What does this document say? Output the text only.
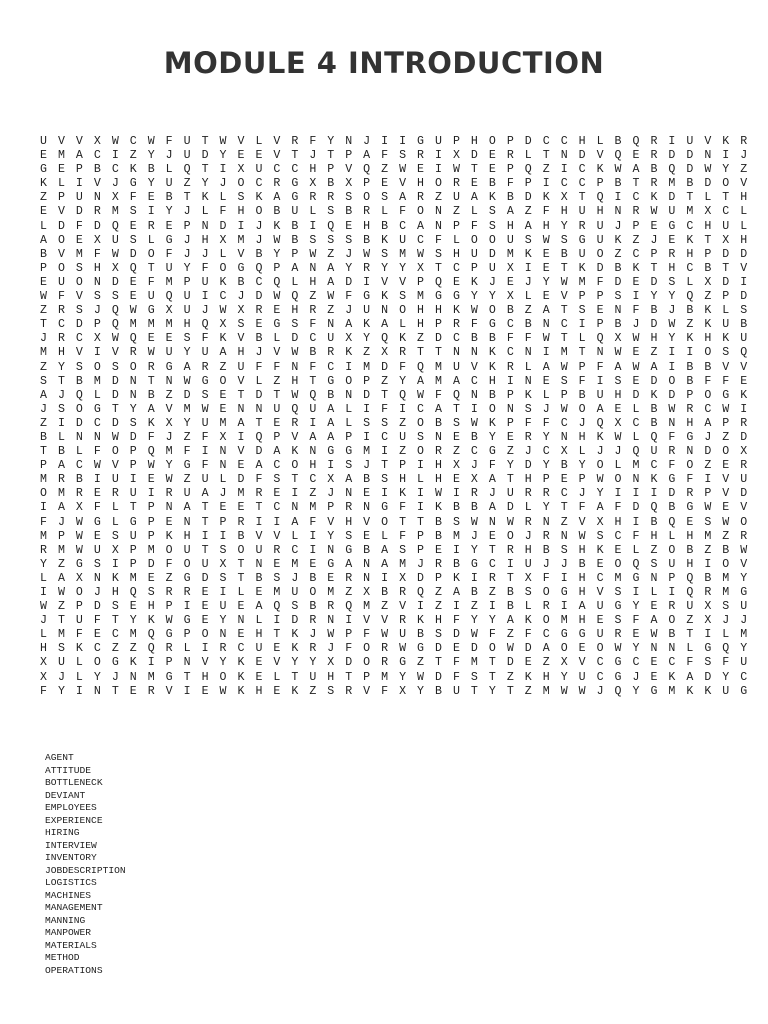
MODULE 4 INTRODUCTION
U V V X W C W F U T W V L V R F Y N J I I G U P H O P D C C H L B Q R I U V K R
E M A C I Z Y J U D Y E E V T J T P A F S R I X D E R L T N D V Q E R D D N I J
G E P B C K B L Q T I X U C C H P V Q Z W E I W T E P Q Z I C K W A B Q D W Y Z
K L I V J G Y U Z Y J O C R G X B X P E V H O R E B F P I C C P B T R M B D O V
Z P U N X F E B T K L S K A G R R S O S A R Z U A K B D K X T Q I C K D T L T H
E V D R M S I Y J L F H O B U L S B R L F O N Z L S A Z F H U H N R W U M X C L
L D F D Q E R E P N D I J K B I Q E H B C A N P F S H A H Y R U J P E G C H U L
A O E X U S L G J H X M J W B S S S B K U C F L O O U S W S G U K Z J E K T X H
B V M F W D O F J J L V B Y P W Z J W S M W S H U D M K E B U O Z C P R H P D D
P O S H X Q T U Y F O G Q P A N A Y R Y Y X T C P U X I E T K D B K T H C B T V
E U O N D E F M P U K B C Q L H A D I V V P Q E K J E J Y W M F D E D S L X D I
W F V S S E U Q U I C J D W Q Z W F G K S M G G Y Y X L E V P P S I Y Y Q Z P D
Z R S J Q W G X U J W X R E H R Z J U N O H H K W O B Z A T S E N F B J B K L S
T C D P Q M M M H Q X S E G S F N A K A L H P R F G C B N C I P B J D W Z K U B
J R C X W Q E E S F K V B L D C U X Y Q K Z D C B B F F W T L Q X W H Y K H K U
M H V I V R W U Y U A H J V W B R K Z X R T T N N K C N I M T N W E Z I I O S Q
Z Y S O S O R G A R Z U F F N F C I M D F Q M U V K R L A W P F A W A I B B V V
S T B M D N T N W G O V L Z H T G O P Z Y A M A C H I N E S F I S E D O B F F E
A J Q L D N B Z D S E T D T W Q B N D T Q W F Q N B P K L P B U H D K D P O G K
J S O G T Y A V M W E N N U Q U A L I F I C A T I O N S J W O A E L B W R C W I
Z I D C D S K X Y U M A T E R I A L S S Z O B S W K P F F C J Q X C B N H A P R
B L N N W D F J Z F X I Q P V A A P I C U S N E B Y E R Y N H K W L Q F G J Z D
T B L F O P Q M F I N V D A K N G G M I Z O R Z C G Z J C X L J J Q U R N D O X
P A C W V P W Y G F N E A C O H I S J T P I H X J F Y D Y B Y O L M C F O Z E R
M R B I U I E W Z U L D F S T C X A B S H L H E X A T H P E P W O N K G F I V U
O M R E R U I R U A J M R E I Z J N E I K I W I R J U R R C J Y I I I D R P V D
I A X F L T P N A T E E T C N M P R N G F I K B B A D L Y T F A F D Q B G W E V
F J W G L G P E N T P R I I A F V H V O T T B S W N W R N Z V X H I B Q E S W O
M P W E S U P K H I I B V V L I Y S E L F P B M J E O J R N W S C F H L H M Z R
R M W U X P M O U T S O U R C I N G B A S P E I Y T R H B S H K E L Z O B Z B W
Y Z G S I P D F O U X T N E M E G A N A M J R B G C I U J J B E O Q S U H I O V
L A X N K M E Z G D S T B S J B E R N I X D P K I R T X F I H C M G N P Q B M Y
I W O J H Q S R R E I L E M U O M Z X B R Q Z A B Z B S O G H V S I L I Q R M G
W Z P D S E H P I E U E A Q S B R Q M Z V I Z I Z I B L R I A U G Y E R U X S U
J T U F T Y K W G E Y N L I D R N I V V R K H F Y Y A K O M H E S F A O Z X J J
L M F E C M Q G P O N E H T K J W P F W U B S D W F Z F C G G U R E W B T I L M
H S K C Z Z Q R L I R C U E K R J F O R W G D E D O W D A O E O W Y N N L G Q Y
X U L O G K I P N V Y K E V Y Y X D O R G Z T F M T D E Z X V C G C E C F S F U
X J L Y J N M G T H O K E L T U H T P M Y W D F S T Z K H Y U C G J E K A D Y C
F Y I N T E R V I E W K H E K Z S R V F X Y B U T Y T Z M W W J Q Y G M K K U G
AGENT
ATTITUDE
BOTTLENECK
DEVIANT
EMPLOYEES
EXPERIENCE
HIRING
INTERVIEW
INVENTORY
JOBDESCRIPTION
LOGISTICS
MACHINES
MANAGEMENT
MANNING
MANPOWER
MATERIALS
METHOD
OPERATIONS
